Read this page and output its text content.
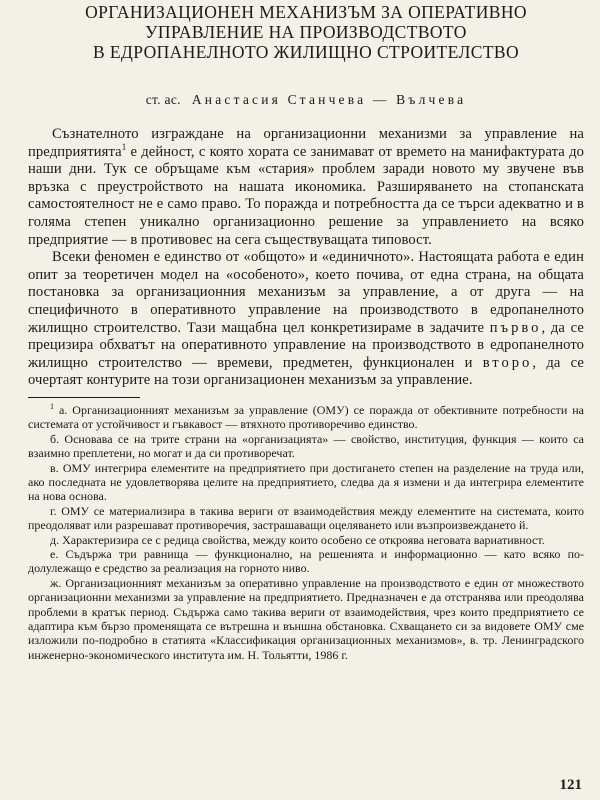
ОРГАНИЗАЦИОНЕН МЕХАНИЗЪМ ЗА ОПЕРАТИВНО
УПРАВЛЕНИЕ НА ПРОИЗВОДСТВОТО
В ЕДРОПАНЕЛНОТО ЖИЛИЩНО СТРОИТЕЛСТВО
ст. ас. Анастасия Станчева — Вълчева

Съзнателното изграждане на организационни механизми за управление на предприятията$^1$ е дейност, с която хората се занимават от времето на манифактурата до наши дни. Тук се обръщаме към «стария» проблем заради новото му звучене във връзка с преустройството на нашата икономика. Разширяването на стопанската самостоятелност не е само право. То поражда и потребността да се търси адекватно и в голяма степен уникално организационно решение за управлението на всяко предприятие — в противовес на сега съществуващата типовост.

Всеки феномен е единство от «общото» и «единичното». Настоящата работа е един опит за теоретичен модел на «особеното», което почива, от една страна, на общата постановка за организационния механизъм за управление, а от друга — на специфичното в оперативното управление на производството в едропанелното жилищно строителство. Тази мащабна цел конкретизираме в задачите първо, да се прецизира обхватът на оперативното управление на производството в едропанелното жилищно строителство — времеви, предметен, функционален и второ, да се очертаят контурите на този организационен механизъм за управление.

$^1$ а. Организационният механизъм за управление (ОМУ) се поражда от обективните потребности на системата от устойчивост и гъвкавост — втяхното противоречиво единство.

б. Основава се на трите страни на «организацията» — свойство, институция, функция — които са взаимно преплетени, но могат и да си противоречат.

в. ОМУ интегрира елементите на предприятието при достигането степен на разделение на труда или, ако последната не удовлетворява целите на предприятието, следва да я измени и да интегрира елементите на нова основа.

г. ОМУ се материализира в такива вериги от взаимодействия между елементите на системата, които преодоляват или разрешават противоречия, застрашаващи оцеляването или възпроизвеждането й.

д. Характеризира се с редица свойства, между които особено се откроява неговата вариативност.

е. Съдържа три равнища — функционално, на решенията и информационно — като всяко по-долулежащо е средство за реализация на горното ниво.

ж. Организационният механизъм за оперативно управление на производството е един от множеството организационни механизми за управление на предприятието. Предназначен е да отстранява или преодолява проблеми в кратък период. Съдържа само такива вериги от взаимодействия, чрез които предприятието се адаптира към бързо променящата се вътрешна и външна обстановка. Схващането си за видовете ОМУ сме изложили по-подробно в статията «Классификация организационных механизмов», в. тр. Ленинградского инженерно-экономического института им. Н. Тольятти, 1986 г.

121
